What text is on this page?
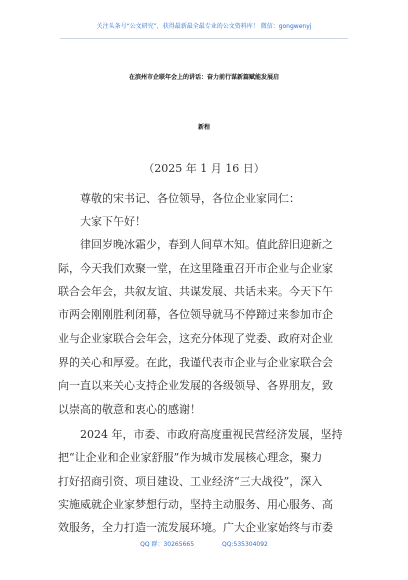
关注头条号“公文研究”，获得最新最全最专业的公文资料库！ 微信：gongwenyj
在滨州市企联年会上的讲话：奋力前行谋新篇赋能发展启
新程
（2025 年 1 月 16 日）
尊敬的宋书记、各位领导，各位企业家同仁：
大家下午好！
律回岁晚冰霜少，春到人间草木知。值此辞旧迎新之
际，今天我们欢聚一堂，在这里隆重召开市企业与企业家
联合会年会，共叙友谊、共谋发展、共话未来。今天下午
市两会刚刚胜利闭幕，各位领导就马不停蹄过来参加市企
业与企业家联合会年会，这充分体现了党委、政府对企业
界的关心和厚爱。在此，我谨代表市企业与企业家联合会
向一直以来关心支持企业发展的各级领导、各界朋友，致
以崇高的敬意和衷心的感谢！
2024 年，市委、市政府高度重视民营经济发展，坚持
把“让企业和企业家舒服”作为城市发展核心理念，聚力
打好招商引资、项目建设、工业经济“三大战役”，深入
实施威就企业家梦想行动，坚持主动服务、用心服务、高
效服务，全力打造一流发展环境。广大企业家始终与市委
QQ 群：30265665	QQ:535304092
